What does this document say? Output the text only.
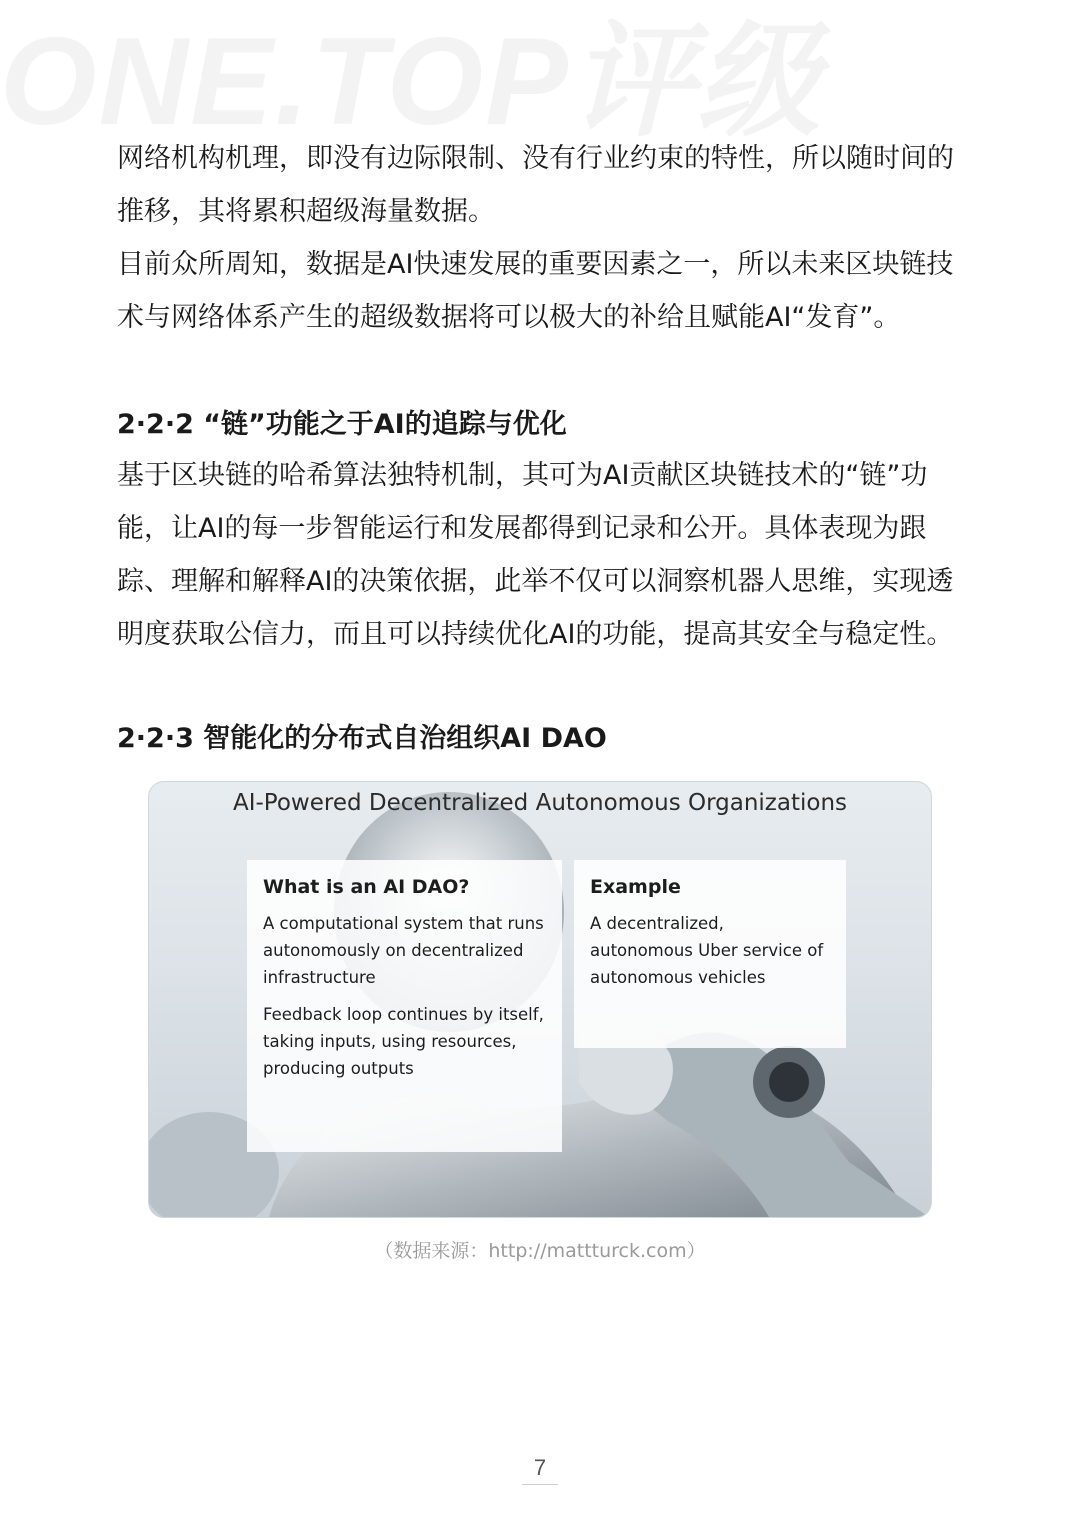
ONE.TOP评级

网络机构机理，即没有边际限制、没有行业约束的特性，所以随时间的推移，其将累积超级海量数据。

目前众所周知，数据是AI快速发展的重要因素之一，所以未来区块链技术与网络体系产生的超级数据将可以极大的补给且赋能AI“发育”。

2·2·2 “链”功能之于AI的追踪与优化

基于区块链的哈希算法独特机制，其可为AI贡献区块链技术的“链”功能，让AI的每一步智能运行和发展都得到记录和公开。具体表现为跟踪、理解和解释AI的决策依据，此举不仅可以洞察机器人思维，实现透明度获取公信力，而且可以持续优化AI的功能，提高其安全与稳定性。

2·2·3 智能化的分布式自治组织AI DAO
AI-Powered Decentralized Autonomous Organizations
What is an AI DAO?

A computational system that runs autonomously on decentralized infrastructure

Feedback loop continues by itself, taking inputs, using resources, producing outputs

Example

A decentralized, autonomous Uber service of autonomous vehicles

（数据来源：http://mattturck.com）
7
